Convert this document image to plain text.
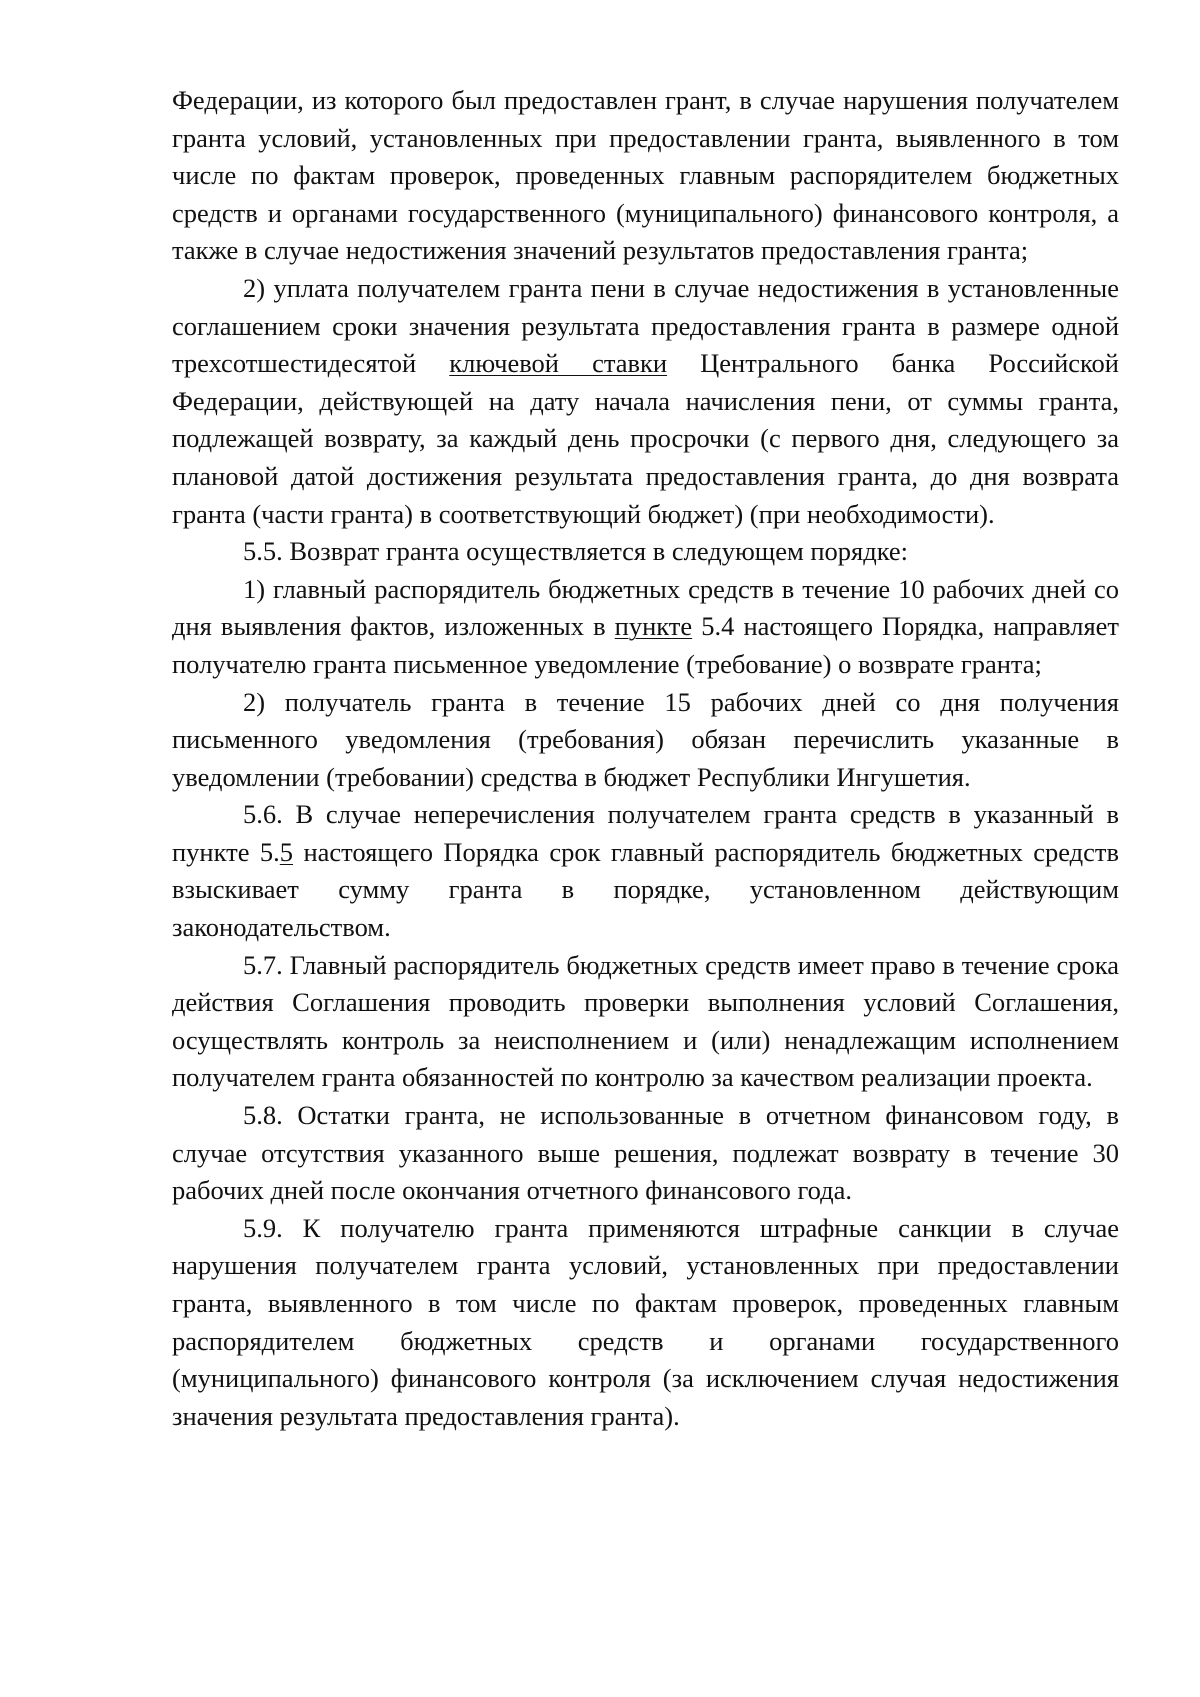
Федерации, из которого был предоставлен грант, в случае нарушения получателем гранта условий, установленных при предоставлении гранта, выявленного в том числе по фактам проверок, проведенных главным распорядителем бюджетных средств и органами государственного (муниципального) финансового контроля, а также в случае недостижения значений результатов предоставления гранта;

2) уплата получателем гранта пени в случае недостижения в установленные соглашением сроки значения результата предоставления гранта в размере одной трехсотшестидесятой ключевой ставки Центрального банка Российской Федерации, действующей на дату начала начисления пени, от суммы гранта, подлежащей возврату, за каждый день просрочки (с первого дня, следующего за плановой датой достижения результата предоставления гранта, до дня возврата гранта (части гранта) в соответствующий бюджет) (при необходимости).

5.5. Возврат гранта осуществляется в следующем порядке:

1) главный распорядитель бюджетных средств в течение 10 рабочих дней со дня выявления фактов, изложенных в пункте 5.4 настоящего Порядка, направляет получателю гранта письменное уведомление (требование) о возврате гранта;

2) получатель гранта в течение 15 рабочих дней со дня получения письменного уведомления (требования) обязан перечислить указанные в уведомлении (требовании) средства в бюджет Республики Ингушетия.

5.6. В случае неперечисления получателем гранта средств в указанный в пункте 5.5 настоящего Порядка срок главный распорядитель бюджетных средств взыскивает сумму гранта в порядке, установленном действующим законодательством.

5.7. Главный распорядитель бюджетных средств имеет право в течение срока действия Соглашения проводить проверки выполнения условий Соглашения, осуществлять контроль за неисполнением и (или) ненадлежащим исполнением получателем гранта обязанностей по контролю за качеством реализации проекта.

5.8. Остатки гранта, не использованные в отчетном финансовом году, в случае отсутствия указанного выше решения, подлежат возврату в течение 30 рабочих дней после окончания отчетного финансового года.

5.9. К получателю гранта применяются штрафные санкции в случае нарушения получателем гранта условий, установленных при предоставлении гранта, выявленного в том числе по фактам проверок, проведенных главным распорядителем бюджетных средств и органами государственного (муниципального) финансового контроля (за исключением случая недостижения значения результата предоставления гранта).
